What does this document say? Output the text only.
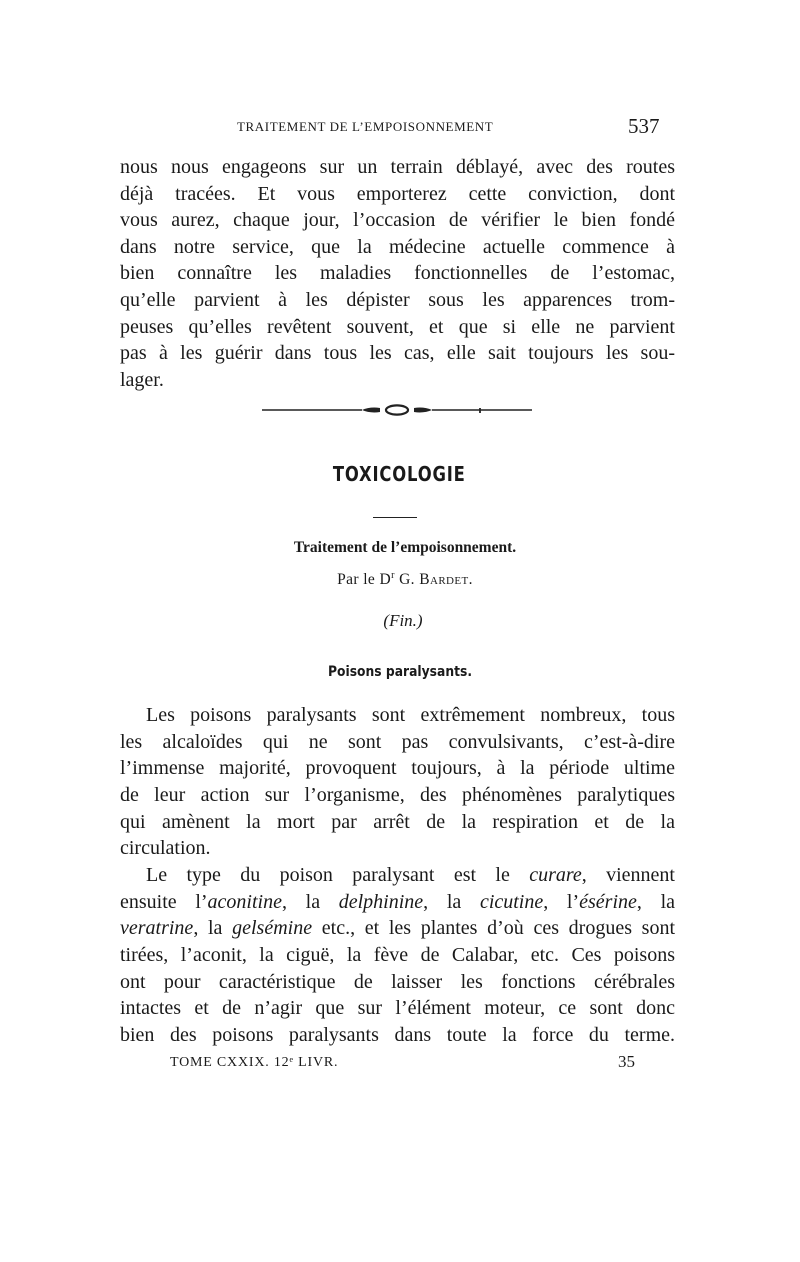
TRAITEMENT DE L’EMPOISONNEMENT	537
nous nous engageons sur un terrain déblayé, avec des routes
déjà tracées. Et vous emporterez cette conviction, dont
vous aurez, chaque jour, l’occasion de vérifier le bien fondé
dans notre service, que la médecine actuelle commence à
bien connaître les maladies fonctionnelles de l’estomac,
qu’elle parvient à les dépister sous les apparences trom-
peuses qu’elles revêtent souvent, et que si elle ne parvient
pas à les guérir dans tous les cas, elle sait toujours les sou-
lager.
TOXICOLOGIE
Traitement de l’empoisonnement.
Par le $D^r$ G. Bardet.
(Fin.)
Poisons paralysants.
Les poisons paralysants sont extrêmement nombreux, tous
les alcaloïdes qui ne sont pas convulsivants, c’est-à-dire
l’immense majorité, provoquent toujours, à la période ultime
de leur action sur l’organisme, des phénomènes paralytiques
qui amènent la mort par arrêt de la respiration et de la
circulation.
Le type du poison paralysant est le curare, viennent
ensuite l’aconitine, la delphinine, la cicutine, l’ésérine, la
veratrine, la gelsémine etc., et les plantes d’où ces drogues sont
tirées, l’aconit, la ciguë, la fève de Calabar, etc. Ces poisons
ont pour caractéristique de laisser les fonctions cérébrales
intactes et de n’agir que sur l’élément moteur, ce sont donc
bien des poisons paralysants dans toute la force du terme.
TOME CXXIX. 12ᵉ LIVR.	35
